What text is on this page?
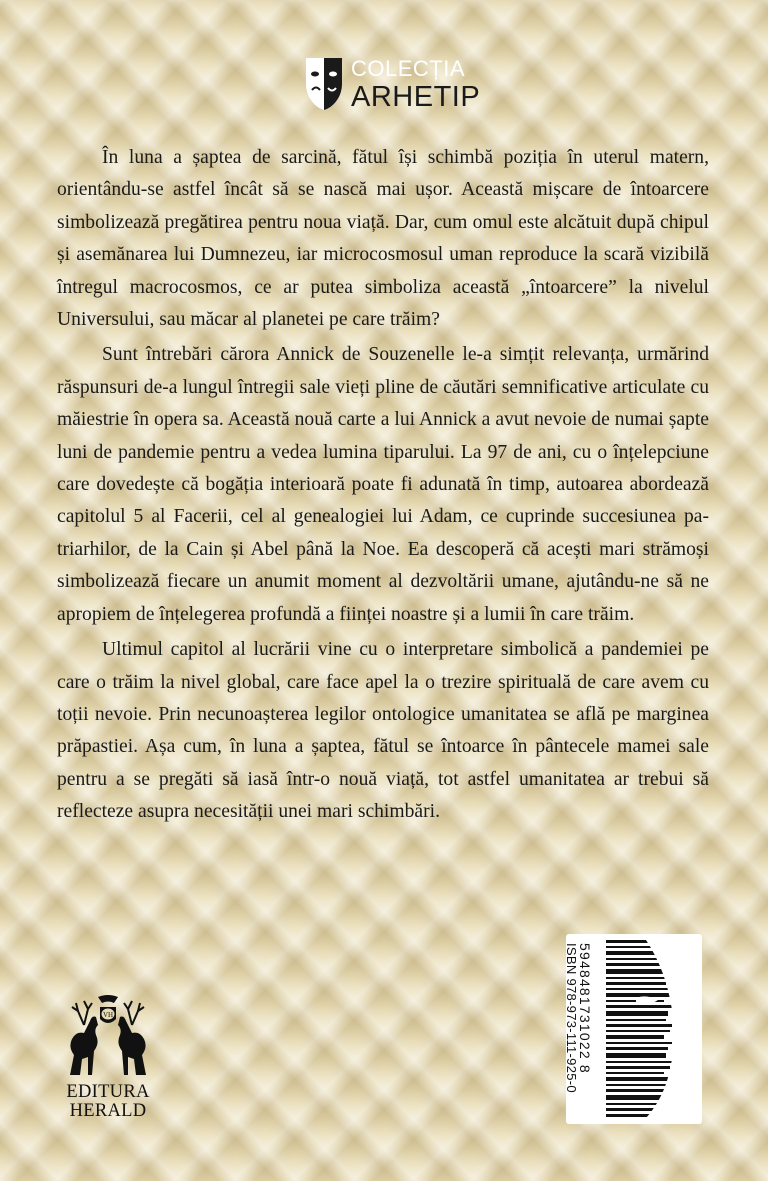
COLECȚIA
ARHETIP

În luna a șaptea de sarcină, fătul își schimbă poziția în uterul matern, orientându-se astfel încât să se nască mai ușor. Această mișcare de întoarcere simbolizează pregătirea pentru noua viață. Dar, cum omul este alcătuit după chipul și asemănarea lui Dumnezeu, iar microcosmosul uman reproduce la scară vizibilă întregul macrocosmos, ce ar putea simboliza această „întoarcere” la nivelul Universului, sau măcar al planetei pe care trăim?

Sunt întrebări cărora Annick de Souzenelle le-a simțit relevanța, urmărind răspunsuri de-a lungul întregii sale vieți pline de căutări semnificative articulate cu măiestrie în opera sa. Această nouă carte a lui Annick a avut nevoie de numai șapte luni de pandemie pentru a vedea lumina tiparului. La 97 de ani, cu o înțelepciune care dovedește că bogăția interioară poate fi adunată în timp, autoarea abordează capitolul 5 al Facerii, cel al genealogiei lui Adam, ce cuprinde succesiunea patriarhilor, de la Cain și Abel până la Noe. Ea descoperă că acești mari strămoși simbolizează fiecare un anumit moment al dezvoltării umane, ajutându-ne să ne apropiem de înțelegerea profundă a ființei noastre și a lumii în care trăim.

Ultimul capitol al lucrării vine cu o interpretare simbolică a pandemiei pe care o trăim la nivel global, care face apel la o trezire spirituală de care avem cu toții nevoie. Prin necunoașterea legilor ontologice umanitatea se află pe marginea prăpastiei. Așa cum, în luna a șaptea, fătul se întoarce în pântecele mamei sale pentru a se pregăti să iasă într-o nouă viață, tot astfel umanitatea ar trebui să reflecteze asupra necesității unei mari schimbări.

VH
EDITURA
HERALD
ISBN 978-973-111-925-0
5948481731022 8
